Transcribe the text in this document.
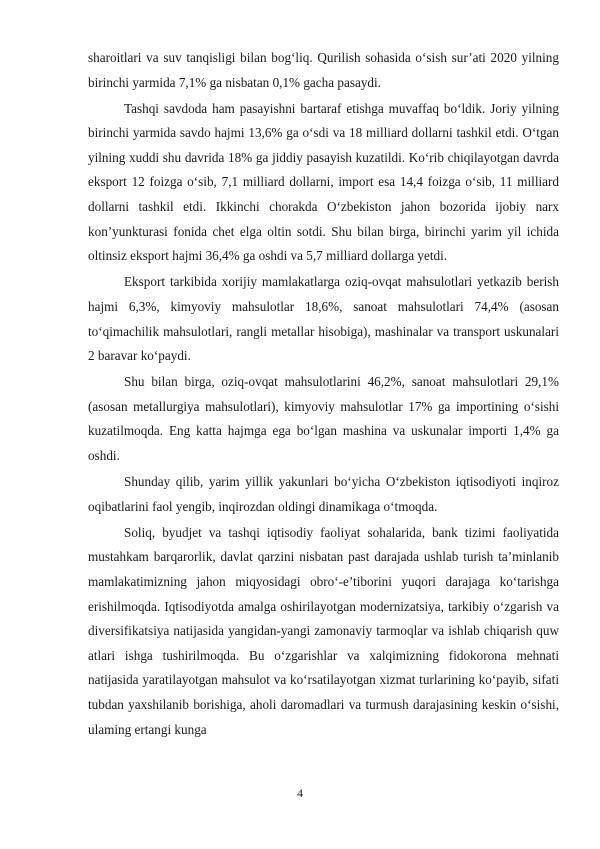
sharoitlari va suv tanqisligi bilan bog‘liq. Qurilish sohasida o‘sish sur’ati 2020 yilning birinchi yarmida 7,1% ga nisbatan 0,1% gacha pasaydi.

Tashqi savdoda ham pasayishni bartaraf etishga muvaffaq bo‘ldik. Joriy yilning birinchi yarmida savdo hajmi 13,6% ga o‘sdi va 18 milliard dollarni tashkil etdi. O‘tgan yilning xuddi shu davrida 18% ga jiddiy pasayish kuzatildi. Ko‘rib chiqilayotgan davrda eksport 12 foizga o‘sib, 7,1 milliard dollarni, import esa 14,4 foizga o‘sib, 11 milliard dollarni tashkil etdi. Ikkinchi chorakda O‘zbekiston jahon bozorida ijobiy narx kon’yunkturasi fonida chet elga oltin sotdi. Shu bilan birga, birinchi yarim yil ichida oltinsiz eksport hajmi 36,4% ga oshdi va 5,7 milliard dollarga yetdi.

Eksport tarkibida xorijiy mamlakatlarga oziq-ovqat mahsulotlari yetkazib berish hajmi 6,3%, kimyoviy mahsulotlar 18,6%, sanoat mahsulotlari 74,4% (asosan to‘qimachilik mahsulotlari, rangli metallar hisobiga), mashinalar va transport uskunalari 2 baravar ko‘paydi.

Shu bilan birga, oziq-ovqat mahsulotlarini 46,2%, sanoat mahsulotlari 29,1% (asosan metallurgiya mahsulotlari), kimyoviy mahsulotlar 17% ga importining o‘sishi kuzatilmoqda. Eng katta hajmga ega bo‘lgan mashina va uskunalar importi 1,4% ga oshdi.

Shunday qilib, yarim yillik yakunlari bo‘yicha O‘zbekiston iqtisodiyoti inqiroz oqibatlarini faol yengib, inqirozdan oldingi dinamikaga o‘tmoqda.

Soliq, byudjet va tashqi iqtisodiy faoliyat sohalarida, bank tizimi faoliyatida mustahkam barqarorlik, davlat qarzini nisbatan past darajada ushlab turish ta’minlanib mamlakatimizning jahon miqyosidagi obro‘-e’tiborini yuqori darajaga ko‘tarishga erishilmoqda. Iqtisodiyotda amalga oshirilayotgan modernizatsiya, tarkibiy o‘zgarish va diversifikatsiya natijasida yangidan-yangi zamonaviy tarmoqlar va ishlab chiqarish quw atlari ishga tushirilmoqda. Bu o‘zgarishlar va xalqimizning fidokorona mehnati natijasida yaratilayotgan mahsulot va ko‘rsatilayotgan xizmat turlarining ko‘payib, sifati tubdan yaxshilanib borishiga, aholi daromadlari va turmush darajasining keskin o‘sishi, ulaming ertangi kunga

4
